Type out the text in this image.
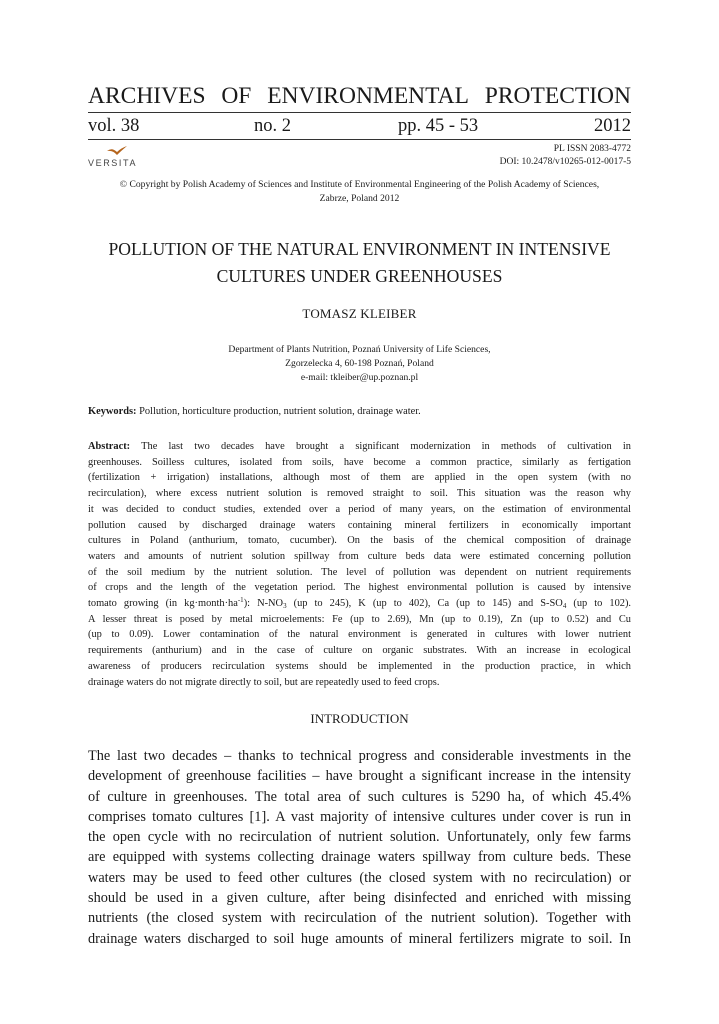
ARCHIVES OF ENVIRONMENTAL PROTECTION
vol. 38	no. 2	pp. 45 - 53	2012
VERSITA
PL ISSN 2083-4772
DOI: 10.2478/v10265-012-0017-5
© Copyright by Polish Academy of Sciences and Institute of Environmental Engineering of the Polish Academy of Sciences,
Zabrze, Poland 2012
POLLUTION OF THE NATURAL ENVIRONMENT IN INTENSIVE
CULTURES UNDER GREENHOUSES
TOMASZ KLEIBER
Department of Plants Nutrition, Poznań University of Life Sciences,
Zgorzelecka 4, 60-198 Poznań, Poland
e-mail: tkleiber@up.poznan.pl
Keywords: Pollution, horticulture production, nutrient solution, drainage water.
Abstract: The last two decades have brought a significant modernization in methods of cultivation in
greenhouses. Soilless cultures, isolated from soils, have become a common practice, similarly as fertigation
(fertilization + irrigation) installations, although most of them are applied in the open system (with no
recirculation), where excess nutrient solution is removed straight to soil. This situation was the reason why
it was decided to conduct studies, extended over a period of many years, on the estimation of environmental
pollution caused by discharged drainage waters containing mineral fertilizers in economically important
cultures in Poland (anthurium, tomato, cucumber). On the basis of the chemical composition of drainage
waters and amounts of nutrient solution spillway from culture beds data were estimated concerning pollution
of the soil medium by the nutrient solution. The level of pollution was dependent on nutrient requirements
of crops and the length of the vegetation period. The highest environmental pollution is caused by intensive
tomato growing (in $kg\cdot month\cdot ha^{-1}$): $N-NO_3$ (up to 245), K (up to 402), Ca (up to 145) and $S-SO_4$ (up to 102).
A lesser threat is posed by metal microelements: Fe (up to 2.69), Mn (up to 0.19), Zn (up to 0.52) and Cu
(up to 0.09). Lower contamination of the natural environment is generated in cultures with lower nutrient
requirements (anthurium) and in the case of culture on organic substrates. With an increase in ecological
awareness of producers recirculation systems should be implemented in the production practice, in which
drainage waters do not migrate directly to soil, but are repeatedly used to feed crops.
INTRODUCTION
The last two decades – thanks to technical progress and considerable investments in the
development of greenhouse facilities – have brought a significant increase in the intensity
of culture in greenhouses. The total area of such cultures is 5290 ha, of which 45.4%
comprises tomato cultures [1]. A vast majority of intensive cultures under cover is run in
the open cycle with no recirculation of nutrient solution. Unfortunately, only few farms
are equipped with systems collecting drainage waters spillway from culture beds. These
waters may be used to feed other cultures (the closed system with no recirculation) or
should be used in a given culture, after being disinfected and enriched with missing
nutrients (the closed system with recirculation of the nutrient solution). Together with
drainage waters discharged to soil huge amounts of mineral fertilizers migrate to soil. In
